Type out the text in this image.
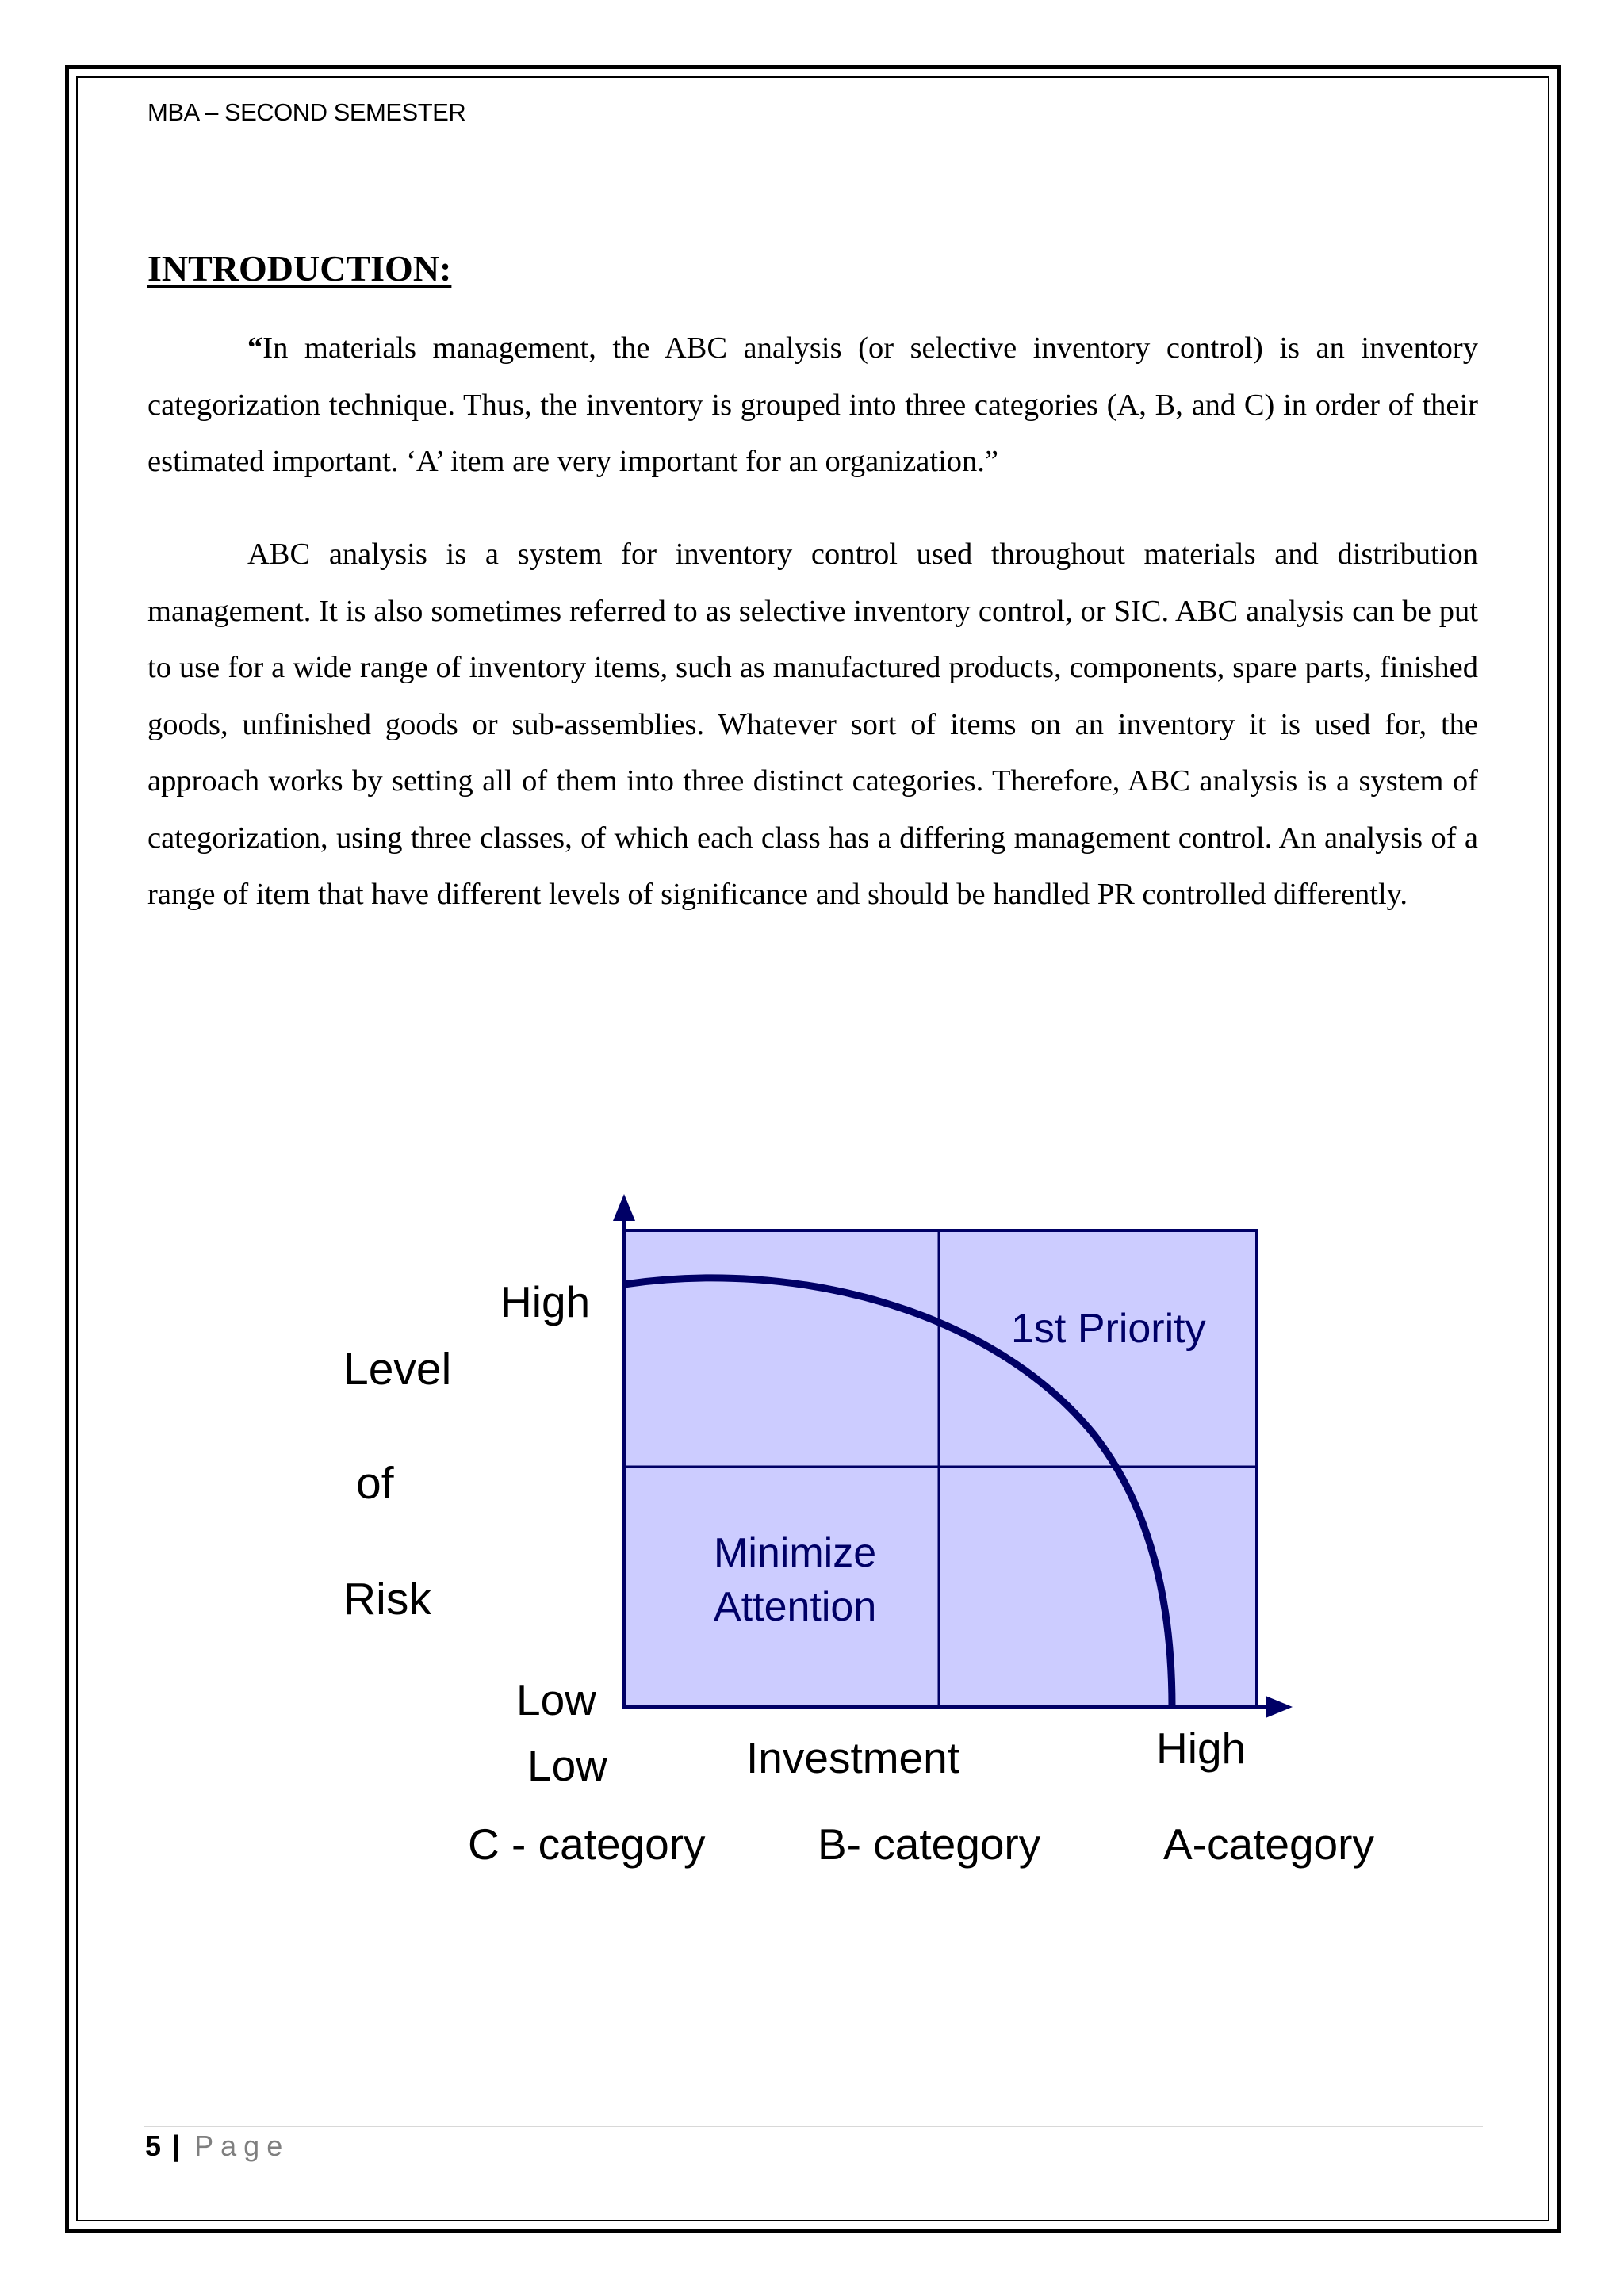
MBA – SECOND SEMESTER
INTRODUCTION:

“In materials management, the ABC analysis (or selective inventory control) is an inventory categorization technique. Thus, the inventory is grouped into three categories (A, B, and C) in order of their estimated important. ‘A’ item are very important for an organization.”

ABC analysis is a system for inventory control used throughout materials and distribution management. It is also sometimes referred to as selective inventory control, or SIC. ABC analysis can be put to use for a wide range of inventory items, such as manufactured products, components, spare parts, finished goods, unfinished goods or sub-assemblies. Whatever sort of items on an inventory it is used for, the approach works by setting all of them into three distinct categories. Therefore, ABC analysis is a system of categorization, using three classes, of which each class has a differing management control. An analysis of a range of item that have different levels of significance and should be handled PR controlled differently.

1st Priority
Minimize
Attention
High
Level
of
Risk
Low
Low	Investment	High
C - category	B- category	A-category
5 | Page
